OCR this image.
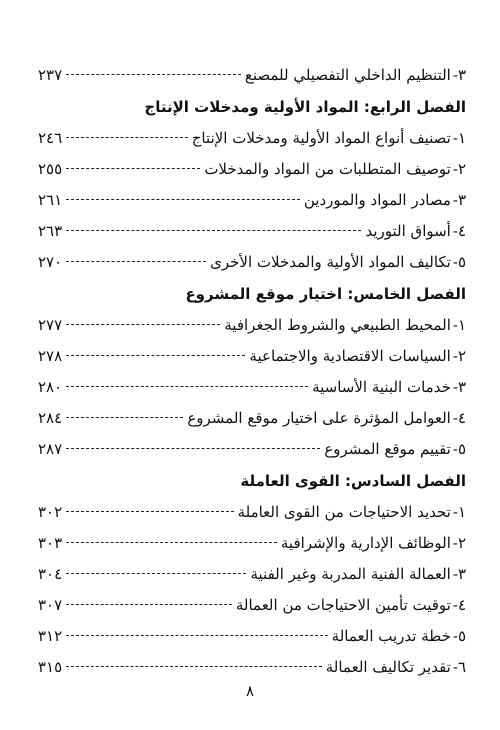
٣-
التنظيم الداخلي التفصيلي للمصنع
٢٣٧
الفصل الرابع: المواد الأولية ومدخلات الإنتاج
١-
تصنيف أنواع المواد الأولية ومدخلات الإنتاج
٢٤٦
٢-
توصيف المتطلبات من المواد والمدخلات
٢٥٥
٣-
مصادر المواد والموردين
٢٦١
٤-
أسواق التوريد
٢٦٣
٥-
تكاليف المواد الأولية والمدخلات الأخرى
٢٧٠
الفصل الخامس: اختيار موقع المشروع
١-
المحيط الطبيعي والشروط الجغرافية
٢٧٧
٢-
السياسات الاقتصادية والاجتماعية
٢٧٨
٣-
خدمات البنية الأساسية
٢٨٠
٤-
العوامل المؤثرة على اختيار موقع المشروع
٢٨٤
٥-
تقييم موقع المشروع
٢٨٧
الفصل السادس: القوى العاملة
١-
تحديد الاحتياجات من القوى العاملة
٣٠٢
٢-
الوظائف الإدارية والإشرافية
٣٠٣
٣-
العمالة الفنية المدربة وغير الفنية
٣٠٤
٤-
توقيت تأمين الاحتياجات من العمالة
٣٠٧
٥-
خطة تدريب العمالة
٣١٢
٦-
تقدير تكاليف العمالة
٣١٥
٨
